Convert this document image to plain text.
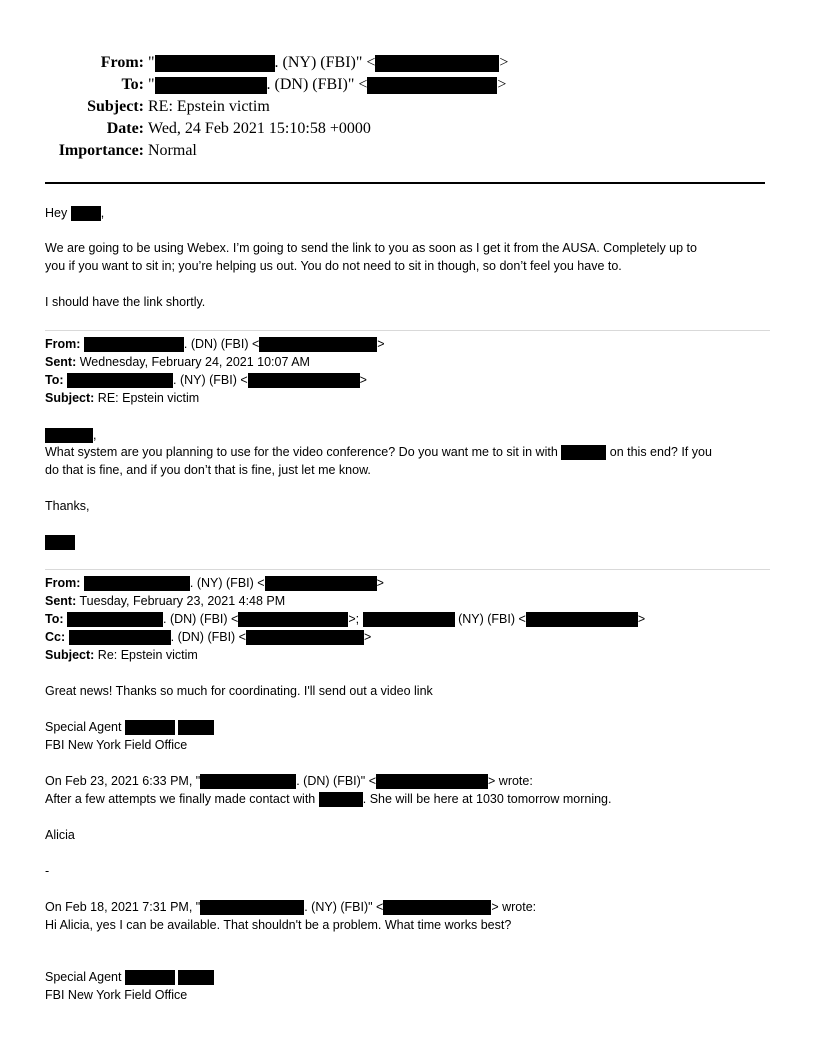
From: "	. (NY) (FBI)" <	>
To: "	. (DN) (FBI)" <	>
Subject: RE: Epstein victim
Date: Wed, 24 Feb 2021 15:10:58 +0000
Importance: Normal
Hey	,
We are going to be using Webex. I’m going to send the link to you as soon as I get it from the AUSA. Completely up to
you if you want to sit in; you’re helping us out. You do not need to sit in though, so don’t feel you have to.
I should have the link shortly.
From:	. (DN) (FBI) <	>
Sent: Wednesday, February 24, 2021 10:07 AM
To:	. (NY) (FBI) <	>
Subject: RE: Epstein victim
,
What system are you planning to use for the video conference? Do you want me to sit in with	on this end? If you
do that is fine, and if you don’t that is fine, just let me know.
Thanks,
From:	. (NY) (FBI) <	>
Sent: Tuesday, February 23, 2021 4:48 PM
To:	. (DN) (FBI) <	>;	(NY) (FBI) <	>
Cc:	. (DN) (FBI) <	>
Subject: Re: Epstein victim
Great news! Thanks so much for coordinating. I'll send out a video link
Special Agent
FBI New York Field Office
On Feb 23, 2021 6:33 PM, "	. (DN) (FBI)" <	> wrote:
After a few attempts we finally made contact with	. She will be here at 1030 tomorrow morning.
Alicia
-
On Feb 18, 2021 7:31 PM, "	. (NY) (FBI)" <	> wrote:
Hi Alicia, yes I can be available. That shouldn't be a problem. What time works best?
Special Agent
FBI New York Field Office
